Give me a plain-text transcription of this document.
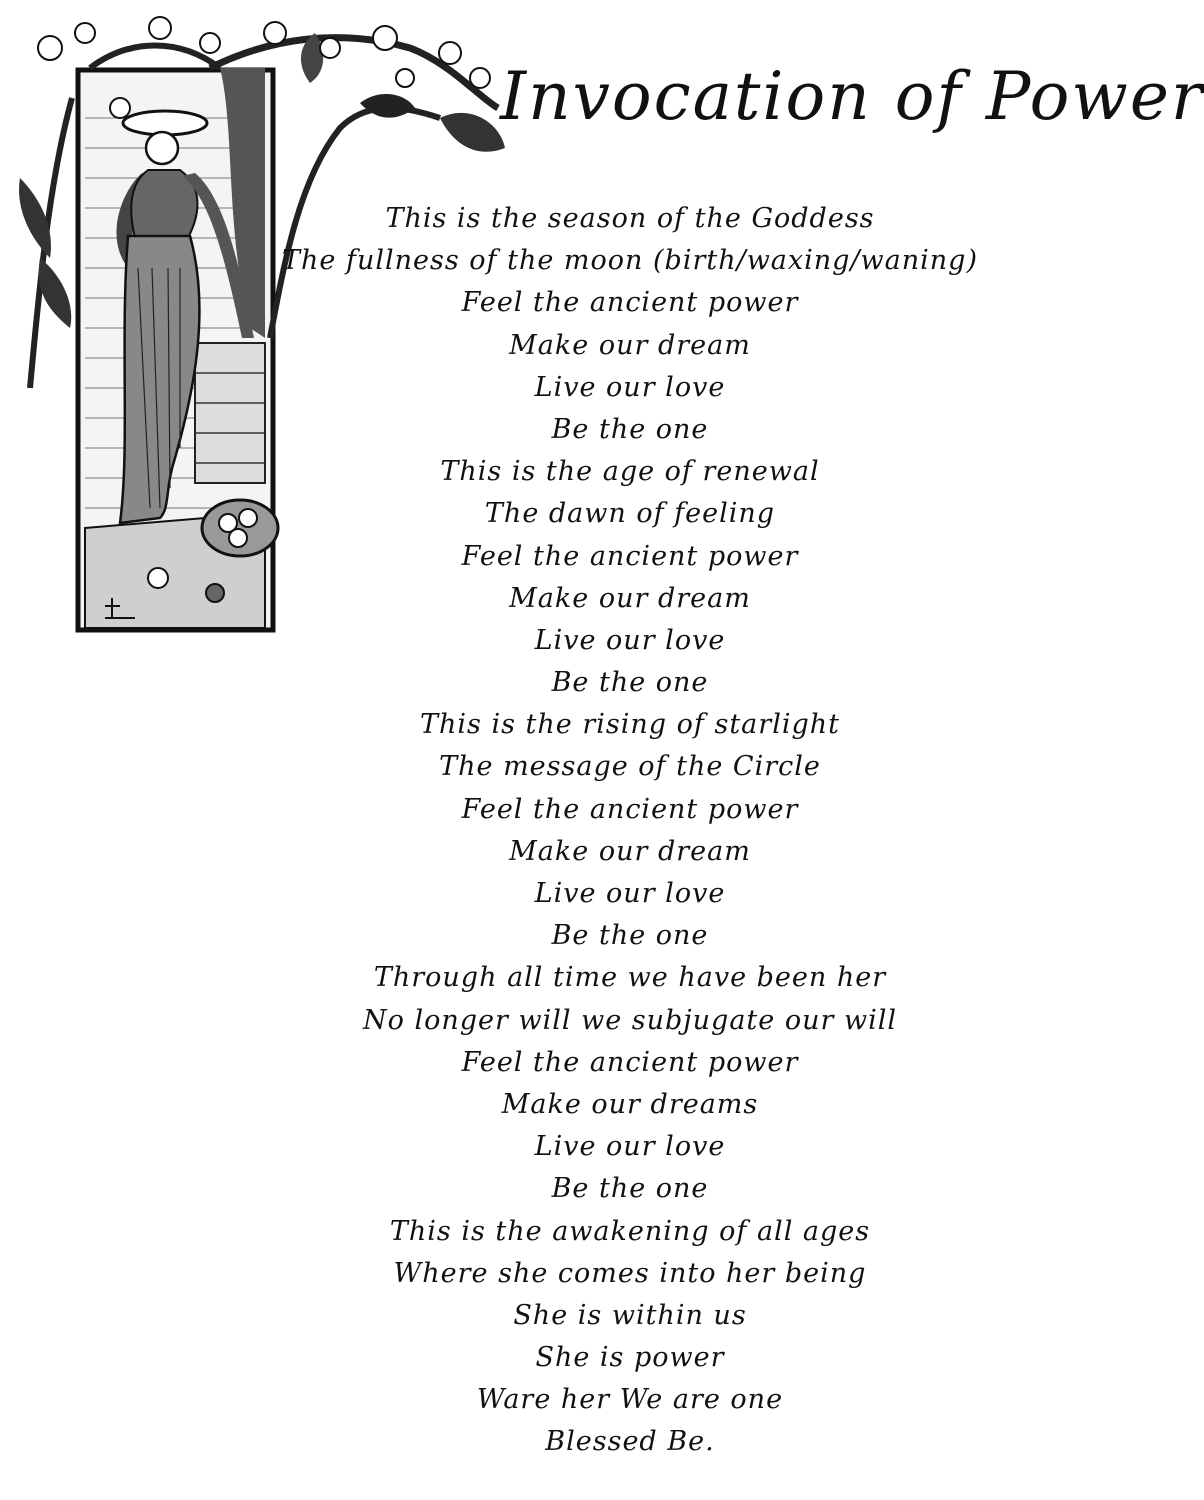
Invocation of Power
This is the season of the Goddess
The fullness of the moon (birth/waxing/waning)
Feel the ancient power
Make our dream
Live our love
Be the one
This is the age of renewal
The dawn of feeling
Feel the ancient power
Make our dream
Live our love
Be the one
This is the rising of starlight
The message of the Circle
Feel the ancient power
Make our dream
Live our love
Be the one
Through all time we have been her
No longer will we subjugate our will
Feel the ancient power
Make our dreams
Live our love
Be the one
This is the awakening of all ages
Where she comes into her being
She is within us
She is power
Ware her We are one
Blessed Be.
